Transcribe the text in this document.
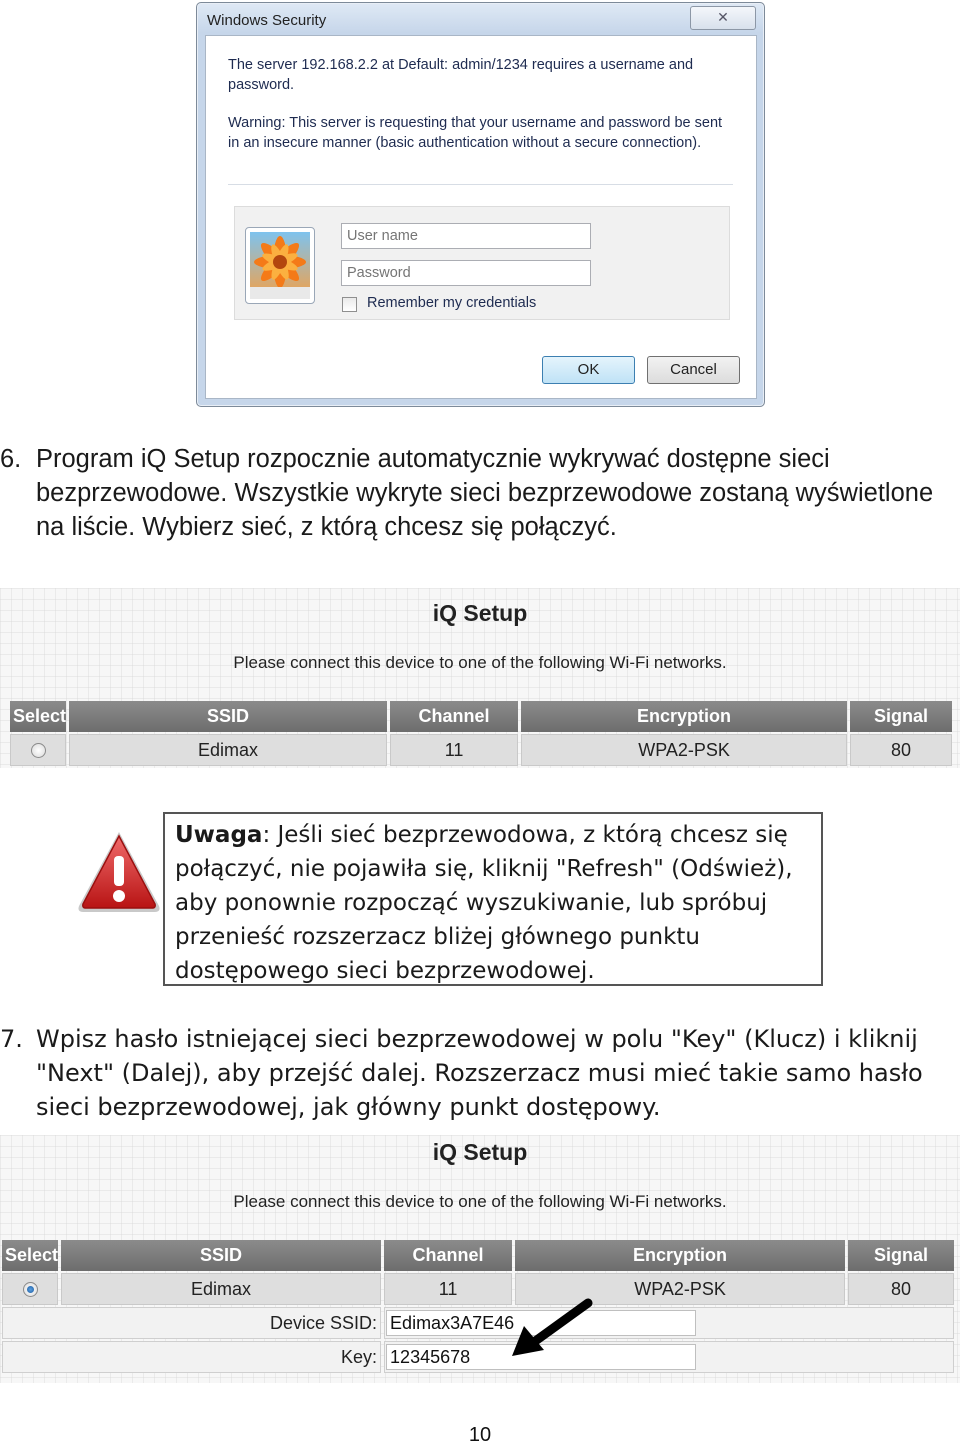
Windows Security	✕
The server 192.168.2.2 at Default: admin/1234 requires a username and password.
Warning: This server is requesting that your username and password be sent in an insecure manner (basic authentication without a secure connection).
User name
Password
Remember my credentials
OK	Cancel
6. Program iQ Setup rozpocznie automatycznie wykrywać dostępne sieci bezprzewodowe. Wszystkie wykryte sieci bezprzewodowe zostaną wyświetlone na liście. Wybierz sieć, z którą chcesz się połączyć.
iQ Setup
Please connect this device to one of the following Wi-Fi networks.
Select	SSID	Channel	Encryption	Signal
	Edimax	11	WPA2-PSK	80
Uwaga: Jeśli sieć bezprzewodowa, z którą chcesz się połączyć, nie pojawiła się, kliknij "Refresh" (Odśwież), aby ponownie rozpocząć wyszukiwanie, lub spróbuj przenieść rozszerzacz bliżej głównego punktu dostępowego sieci bezprzewodowej.
7. Wpisz hasło istniejącej sieci bezprzewodowej w polu "Key" (Klucz) i kliknij "Next" (Dalej), aby przejść dalej. Rozszerzacz musi mieć takie samo hasło sieci bezprzewodowej, jak główny punkt dostępowy.
iQ Setup
Please connect this device to one of the following Wi-Fi networks.
Select	SSID	Channel	Encryption	Signal
	Edimax	11	WPA2-PSK	80
Device SSID:	Edimax3A7E46
Key:	12345678
10
